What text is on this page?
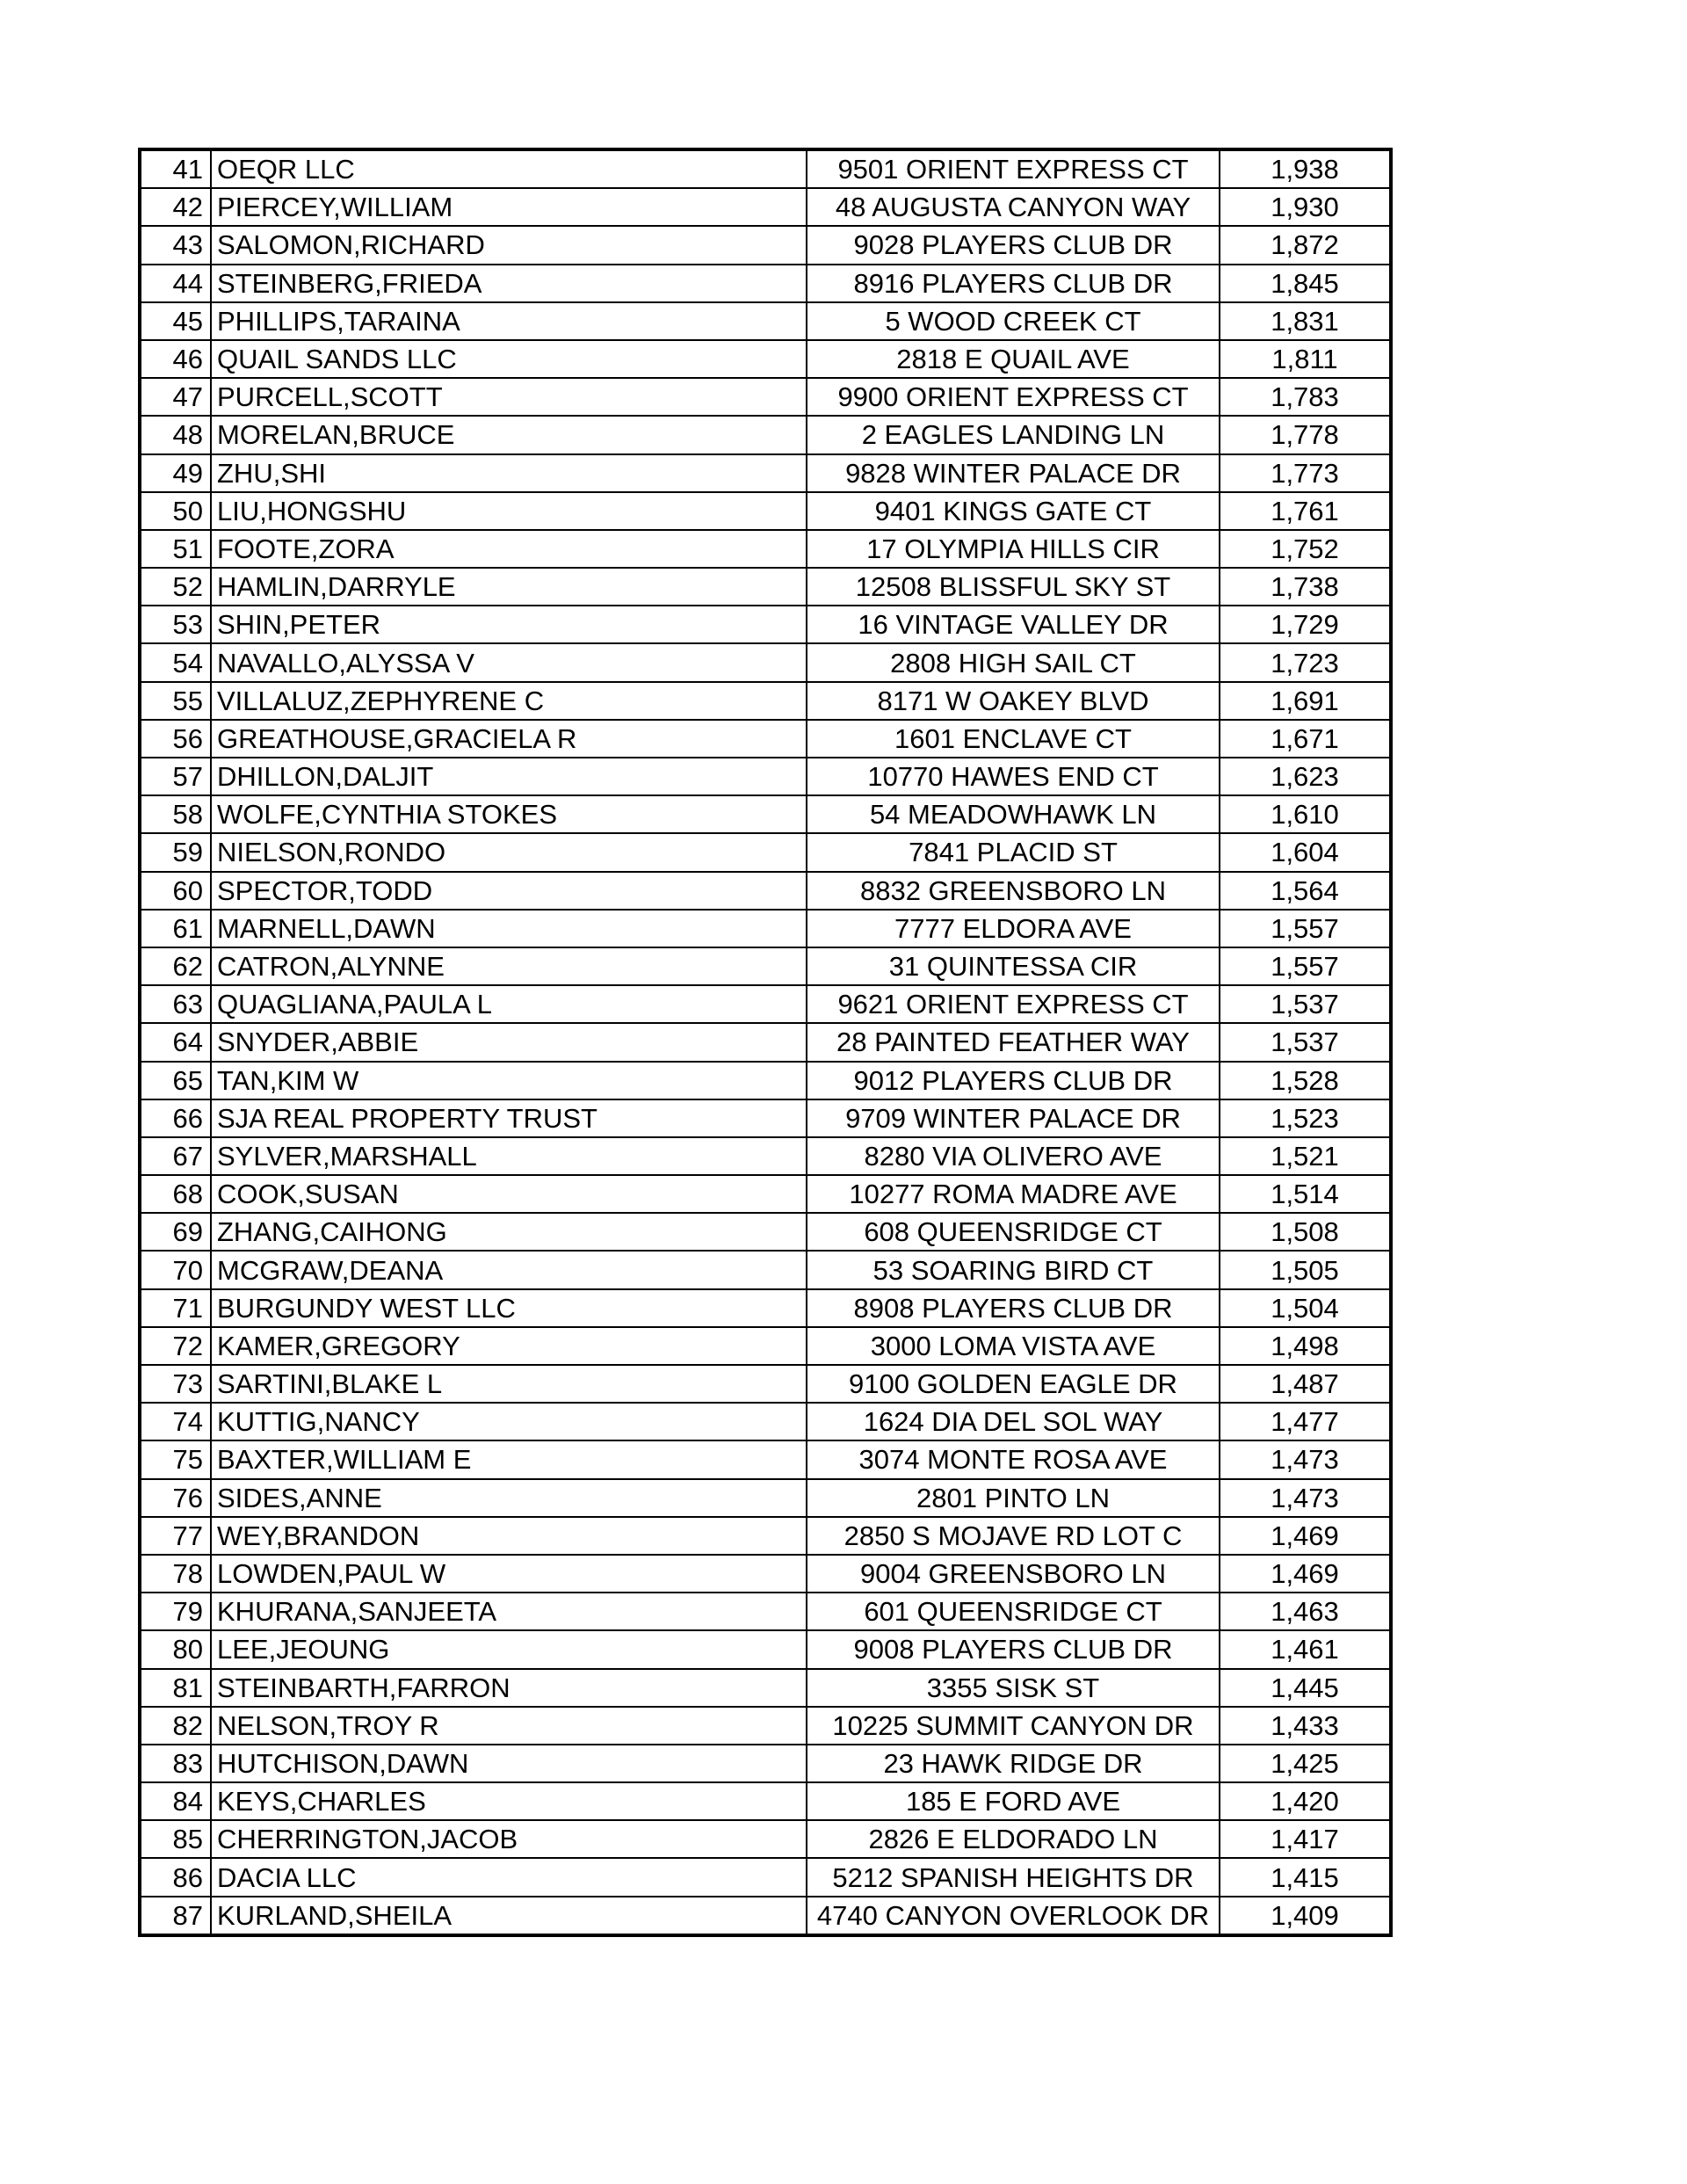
41	OEQR LLC	9501 ORIENT EXPRESS CT	1,938
42	PIERCEY,WILLIAM	48 AUGUSTA CANYON WAY	1,930
43	SALOMON,RICHARD	9028 PLAYERS CLUB DR	1,872
44	STEINBERG,FRIEDA	8916 PLAYERS CLUB DR	1,845
45	PHILLIPS,TARAINA	5 WOOD CREEK CT	1,831
46	QUAIL SANDS LLC	2818 E QUAIL AVE	1,811
47	PURCELL,SCOTT	9900 ORIENT EXPRESS CT	1,783
48	MORELAN,BRUCE	2 EAGLES LANDING LN	1,778
49	ZHU,SHI	9828 WINTER PALACE DR	1,773
50	LIU,HONGSHU	9401 KINGS GATE CT	1,761
51	FOOTE,ZORA	17 OLYMPIA HILLS CIR	1,752
52	HAMLIN,DARRYLE	12508 BLISSFUL SKY ST	1,738
53	SHIN,PETER	16 VINTAGE VALLEY DR	1,729
54	NAVALLO,ALYSSA V	2808 HIGH SAIL CT	1,723
55	VILLALUZ,ZEPHYRENE C	8171 W OAKEY BLVD	1,691
56	GREATHOUSE,GRACIELA R	1601 ENCLAVE CT	1,671
57	DHILLON,DALJIT	10770 HAWES END CT	1,623
58	WOLFE,CYNTHIA STOKES	54 MEADOWHAWK LN	1,610
59	NIELSON,RONDO	7841 PLACID ST	1,604
60	SPECTOR,TODD	8832 GREENSBORO LN	1,564
61	MARNELL,DAWN	7777 ELDORA AVE	1,557
62	CATRON,ALYNNE	31 QUINTESSA CIR	1,557
63	QUAGLIANA,PAULA L	9621 ORIENT EXPRESS CT	1,537
64	SNYDER,ABBIE	28 PAINTED FEATHER WAY	1,537
65	TAN,KIM W	9012 PLAYERS CLUB DR	1,528
66	SJA REAL PROPERTY TRUST	9709 WINTER PALACE DR	1,523
67	SYLVER,MARSHALL	8280 VIA OLIVERO AVE	1,521
68	COOK,SUSAN	10277 ROMA MADRE AVE	1,514
69	ZHANG,CAIHONG	608 QUEENSRIDGE CT	1,508
70	MCGRAW,DEANA	53 SOARING BIRD CT	1,505
71	BURGUNDY WEST LLC	8908 PLAYERS CLUB DR	1,504
72	KAMER,GREGORY	3000 LOMA VISTA AVE	1,498
73	SARTINI,BLAKE L	9100 GOLDEN EAGLE DR	1,487
74	KUTTIG,NANCY	1624 DIA DEL SOL WAY	1,477
75	BAXTER,WILLIAM E	3074 MONTE ROSA AVE	1,473
76	SIDES,ANNE	2801 PINTO LN	1,473
77	WEY,BRANDON	2850 S MOJAVE RD LOT C	1,469
78	LOWDEN,PAUL W	9004 GREENSBORO LN	1,469
79	KHURANA,SANJEETA	601 QUEENSRIDGE CT	1,463
80	LEE,JEOUNG	9008 PLAYERS CLUB DR	1,461
81	STEINBARTH,FARRON	3355 SISK ST	1,445
82	NELSON,TROY R	10225 SUMMIT CANYON DR	1,433
83	HUTCHISON,DAWN	23 HAWK RIDGE DR	1,425
84	KEYS,CHARLES	185 E FORD AVE	1,420
85	CHERRINGTON,JACOB	2826 E ELDORADO LN	1,417
86	DACIA LLC	5212 SPANISH HEIGHTS DR	1,415
87	KURLAND,SHEILA	4740 CANYON OVERLOOK DR	1,409
